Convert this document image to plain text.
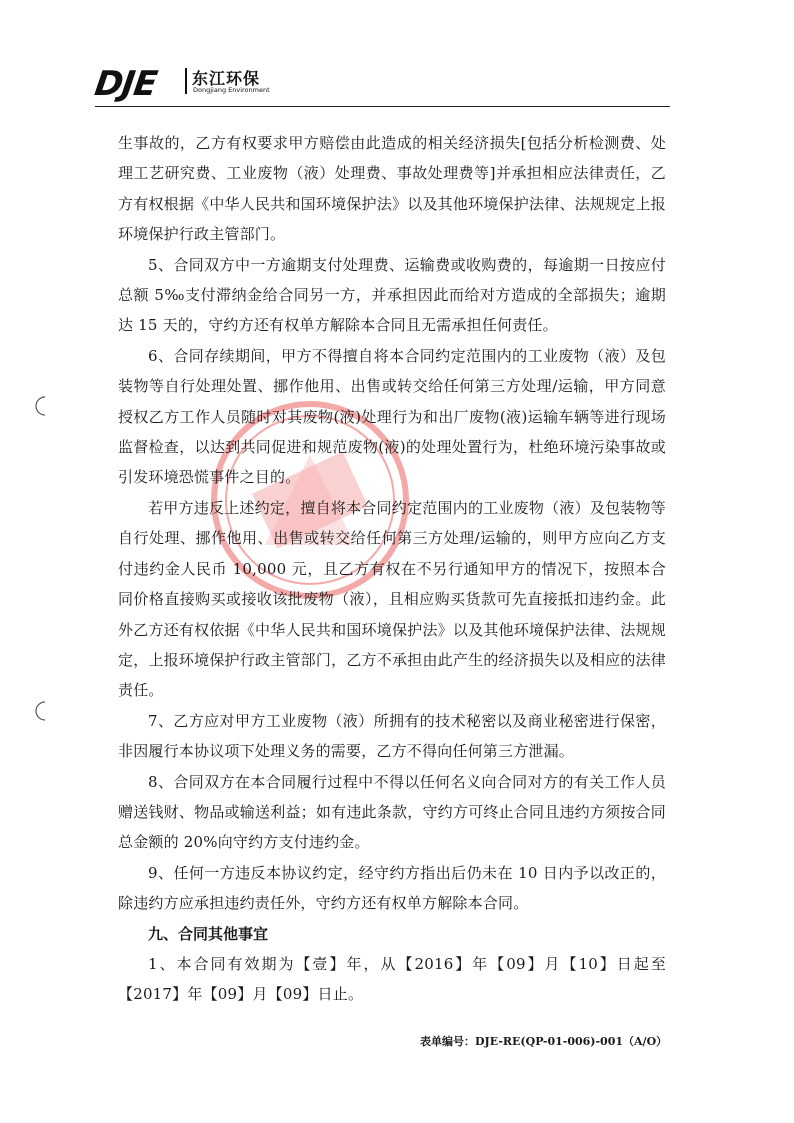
DJE 东江环保
Dongjiang Environment

生事故的，乙方有权要求甲方赔偿由此造成的相关经济损失[包括分析检测费、处理工艺研究费、工业废物（液）处理费、事故处理费等]并承担相应法律责任，乙方有权根据《中华人民共和国环境保护法》以及其他环境保护法律、法规规定上报环境保护行政主管部门。

5、合同双方中一方逾期支付处理费、运输费或收购费的，每逾期一日按应付总额 5‰支付滞纳金给合同另一方，并承担因此而给对方造成的全部损失；逾期达 15 天的，守约方还有权单方解除本合同且无需承担任何责任。

6、合同存续期间，甲方不得擅自将本合同约定范围内的工业废物（液）及包装物等自行处理处置、挪作他用、出售或转交给任何第三方处理/运输，甲方同意授权乙方工作人员随时对其废物(液)处理行为和出厂废物(液)运输车辆等进行现场监督检查，以达到共同促进和规范废物(液)的处理处置行为，杜绝环境污染事故或引发环境恐慌事件之目的。

若甲方违反上述约定，擅自将本合同约定范围内的工业废物（液）及包装物等自行处理、挪作他用、出售或转交给任何第三方处理/运输的，则甲方应向乙方支付违约金人民币 10,000 元，且乙方有权在不另行通知甲方的情况下，按照本合同价格直接购买或接收该批废物（液），且相应购买货款可先直接抵扣违约金。此外乙方还有权依据《中华人民共和国环境保护法》以及其他环境保护法律、法规规定，上报环境保护行政主管部门，乙方不承担由此产生的经济损失以及相应的法律责任。

7、乙方应对甲方工业废物（液）所拥有的技术秘密以及商业秘密进行保密，非因履行本协议项下处理义务的需要，乙方不得向任何第三方泄漏。

8、合同双方在本合同履行过程中不得以任何名义向合同对方的有关工作人员赠送钱财、物品或输送利益；如有违此条款，守约方可终止合同且违约方须按合同总金额的 20%向守约方支付违约金。

9、任何一方违反本协议约定，经守约方指出后仍未在 10 日内予以改正的，除违约方应承担违约责任外，守约方还有权单方解除本合同。

九、合同其他事宜

1、本合同有效期为【壹】年，从【2016】年【09】月【10】日起至【2017】年【09】月【09】日止。

表单编号：DJE-RE(QP-01-006)-001（A/O）
